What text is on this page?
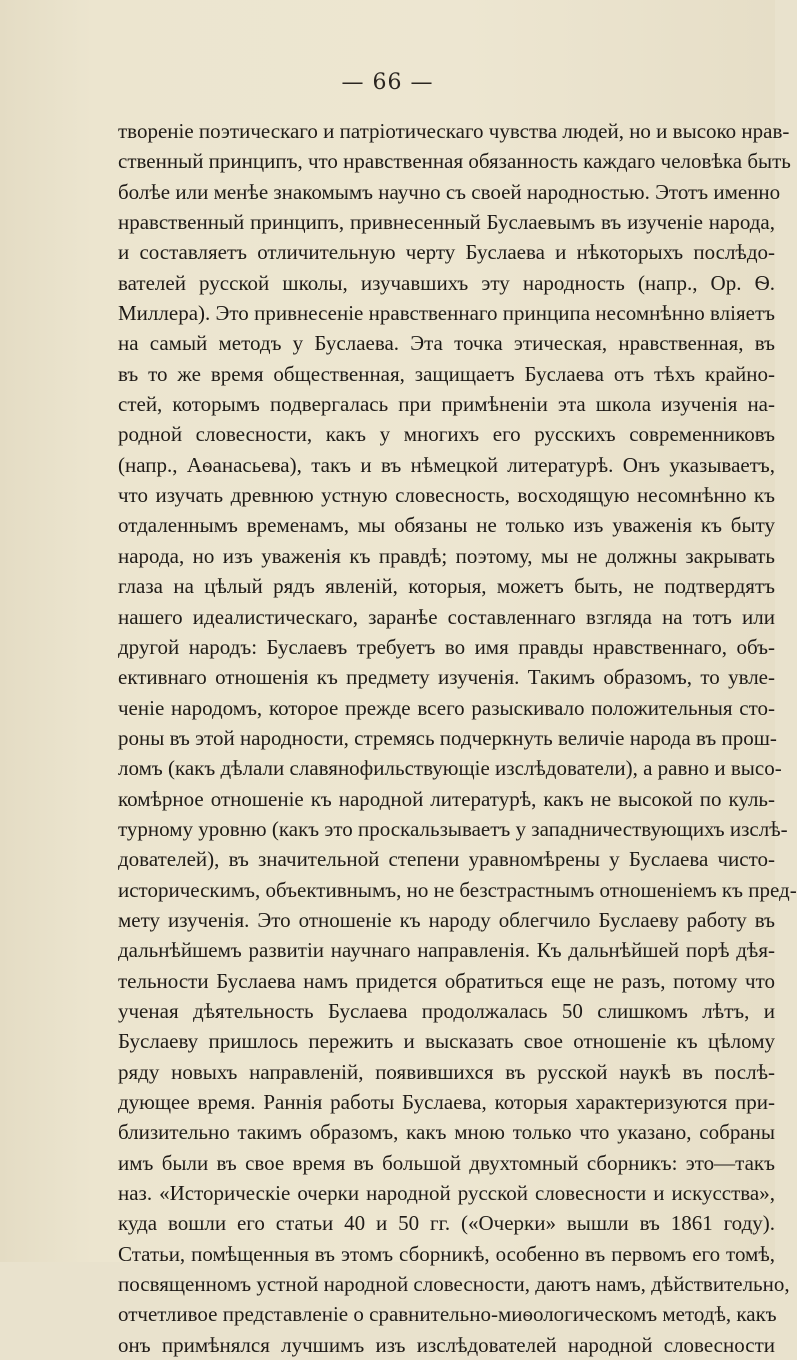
— 66 —
твореніе поэтическаго и патріотическаго чувства людей, но и высоко нрав-
ственный принципъ, что нравственная обязанность каждаго человѣка быть
болѣе или менѣе знакомымъ научно съ своей народностью. Этотъ именно
нравственный принципъ, привнесенный Буслаевымъ въ изученіе народа,
и составляетъ отличительную черту Буслаева и нѣкоторыхъ послѣдо-
вателей русской школы, изучавшихъ эту народность (напр., Ор. Ѳ.
Миллера). Это привнесеніе нравственнаго принципа несомнѣнно вліяетъ
на самый методъ у Буслаева. Эта точка этическая, нравственная, въ
въ то же время общественная, защищаетъ Буслаева отъ тѣхъ крайно-
стей, которымъ подвергалась при примѣненіи эта школа изученія на-
родной словесности, какъ у многихъ его русскихъ современниковъ
(напр., Аѳанасьева), такъ и въ нѣмецкой литературѣ. Онъ указываетъ,
что изучать древнюю устную словесность, восходящую несомнѣнно къ
отдаленнымъ временамъ, мы обязаны не только изъ уваженія къ быту
народа, но изъ уваженія къ правдѣ; поэтому, мы не должны закрывать
глаза на цѣлый рядъ явленій, которыя, можетъ быть, не подтвердятъ
нашего идеалистическаго, заранѣе составленнаго взгляда на тотъ или
другой народъ: Буслаевъ требуетъ во имя правды нравственнаго, объ-
ективнаго отношенія къ предмету изученія. Такимъ образомъ, то увле-
ченіе народомъ, которое прежде всего разыскивало положительныя сто-
роны въ этой народности, стремясь подчеркнуть величіе народа въ прош-
ломъ (какъ дѣлали славянофильствующіе изслѣдователи), а равно и высо-
комѣрное отношеніе къ народной литературѣ, какъ не высокой по куль-
турному уровню (какъ это проскальзываетъ у западничествующихъ изслѣ-
дователей), въ значительной степени уравномѣрены у Буслаева чисто-
историческимъ, объективнымъ, но не безстрастнымъ отношеніемъ къ пред-
мету изученія. Это отношеніе къ народу облегчило Буслаеву работу въ
дальнѣйшемъ развитіи научнаго направленія. Къ дальнѣйшей порѣ дѣя-
тельности Буслаева намъ придется обратиться еще не разъ, потому что
ученая дѣятельность Буслаева продолжалась 50 слишкомъ лѣтъ, и
Буслаеву пришлось пережить и высказать свое отношеніе къ цѣлому
ряду новыхъ направленій, появившихся въ русской наукѣ въ послѣ-
дующее время. Раннія работы Буслаева, которыя характеризуются при-
близительно такимъ образомъ, какъ мною только что указано, собраны
имъ были въ свое время въ большой двухтомный сборникъ: это—такъ
наз. «Историческіе очерки народной русской словесности и искусства»,
куда вошли его статьи 40 и 50 гг. («Очерки» вышли въ 1861 году).
Статьи, помѣщенныя въ этомъ сборникѣ, особенно въ первомъ его томѣ,
посвященномъ устной народной словесности, даютъ намъ, дѣйствительно,
отчетливое представленіе о сравнительно-миѳологическомъ методѣ, какъ
онъ примѣнялся лучшимъ изъ изслѣдователей народной словесности
